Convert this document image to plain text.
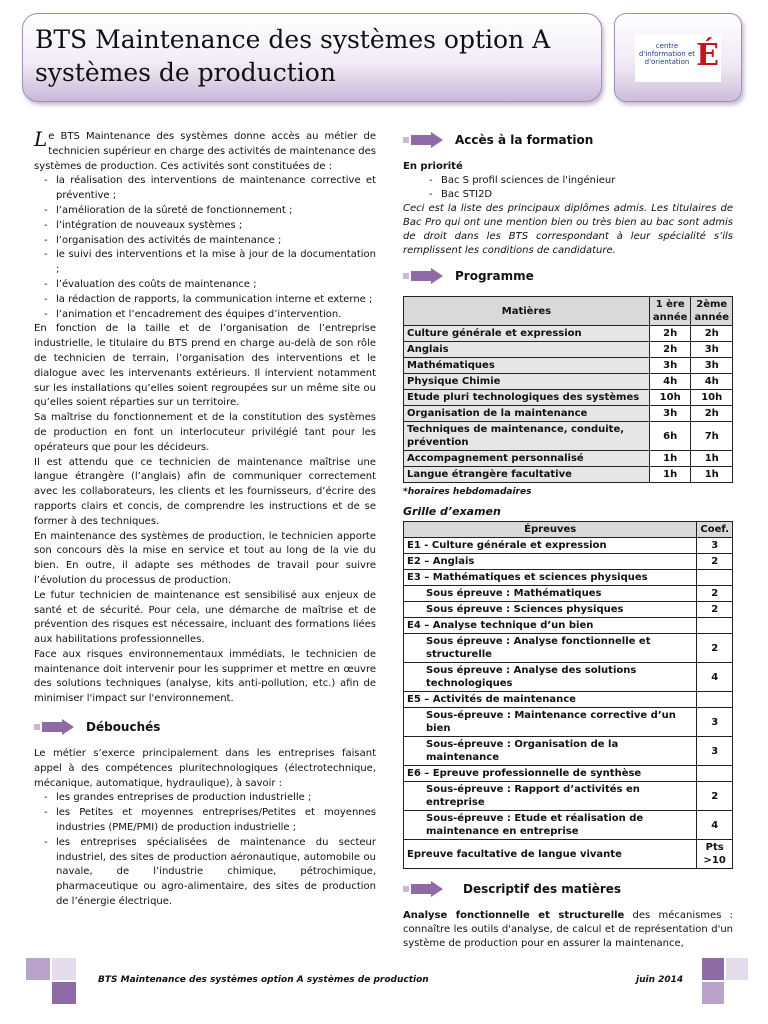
BTS Maintenance des systèmes option A systèmes de production
centre d'information et d'orientation É

Le BTS Maintenance des systèmes donne accès au métier de technicien supérieur en charge des activités de maintenance des systèmes de production. Ces activités sont constituées de :

- la réalisation des interventions de maintenance corrective et préventive ;
- l’amélioration de la sûreté de fonctionnement ;
- l’intégration de nouveaux systèmes ;
- l’organisation des activités de maintenance ;
- le suivi des interventions et la mise à jour de la documentation ;
- l’évaluation des coûts de maintenance ;
- la rédaction de rapports, la communication interne et externe ;
- l’animation et l’encadrement des équipes d’intervention.

En fonction de la taille et de l’organisation de l’entreprise industrielle, le titulaire du BTS prend en charge au-delà de son rôle de technicien de terrain, l’organisation des interventions et le dialogue avec les intervenants extérieurs. Il intervient notamment sur les installations qu’elles soient regroupées sur un même site ou qu’elles soient réparties sur un territoire.

Sa maîtrise du fonctionnement et de la constitution des systèmes de production en font un interlocuteur privilégié tant pour les opérateurs que pour les décideurs.

Il est attendu que ce technicien de maintenance maîtrise une langue étrangère (l’anglais) afin de communiquer correctement avec les collaborateurs, les clients et les fournisseurs, d’écrire des rapports clairs et concis, de comprendre les instructions et de se former à des techniques.

En maintenance des systèmes de production, le technicien apporte son concours dès la mise en service et tout au long de la vie du bien. En outre, il adapte ses méthodes de travail pour suivre l’évolution du processus de production.

Le futur technicien de maintenance est sensibilisé aux enjeux de santé et de sécurité. Pour cela, une démarche de maîtrise et de prévention des risques est nécessaire, incluant des formations liées aux habilitations professionnelles.

Face aux risques environnementaux immédiats, le technicien de maintenance doit intervenir pour les supprimer et mettre en œuvre des solutions techniques (analyse, kits anti-pollution, etc.) afin de minimiser l'impact sur l'environnement.

Débouchés

Le métier s’exerce principalement dans les entreprises faisant appel à des compétences pluritechnologiques (électrotechnique, mécanique, automatique, hydraulique), à savoir :

- les grandes entreprises de production industrielle ;
- les Petites et moyennes entreprises/Petites et moyennes industries (PME/PMI) de production industrielle ;
- les entreprises spécialisées de maintenance du secteur industriel, des sites de production aéronautique, automobile ou navale, de l’industrie chimique, pétrochimique, pharmaceutique ou agro-alimentaire, des sites de production de l’énergie électrique.
Accès à la formation

En priorité

- Bac S profil sciences de l'ingénieur
- Bac STI2D

Ceci est la liste des principaux diplômes admis. Les titulaires de Bac Pro qui ont une mention bien ou très bien au bac sont admis de droit dans les BTS correspondant à leur spécialité s’ils remplissent les conditions de candidature.

Programme
Matières	1 ère année	2ème année
Culture générale et expression	2h	2h
Anglais	2h	3h
Mathématiques	3h	3h
Physique Chimie	4h	4h
Etude pluri technologiques des systèmes	10h	10h
Organisation de la maintenance	3h	2h
Techniques de maintenance, conduite, prévention	6h	7h
Accompagnement personnalisé	1h	1h
Langue étrangère facultative	1h	1h
*horaires hebdomadaires

Grille d’examen

Épreuves	Coef.
E1 - Culture générale et expression	3
E2 – Anglais	2
E3 – Mathématiques et sciences physiques	
Sous épreuve : Mathématiques	2
Sous épreuve : Sciences physiques	2
E4 – Analyse technique d’un bien	
Sous épreuve : Analyse fonctionnelle et structurelle	2
Sous épreuve : Analyse des solutions technologiques	4
E5 – Activités de maintenance	
Sous-épreuve : Maintenance corrective d’un bien	3
Sous-épreuve : Organisation de la maintenance	3
E6 – Epreuve professionnelle de synthèse	
Sous-épreuve : Rapport d’activités en entreprise	2
Sous-épreuve : Etude et réalisation de maintenance en entreprise	4
Epreuve facultative de langue vivante	Pts >10
Descriptif des matières

Analyse fonctionnelle et structurelle des mécanismes : connaître les outils d'analyse, de calcul et de représentation d'un système de production pour en assurer la maintenance,

BTS Maintenance des systèmes option A systèmes de production	juin 2014
